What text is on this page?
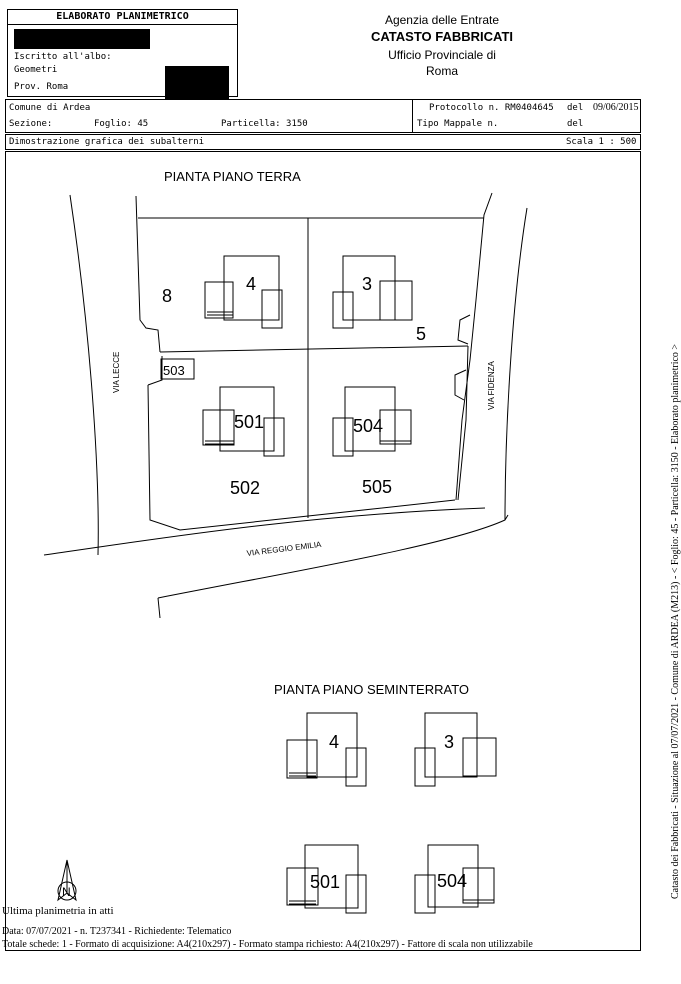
ELABORATO PLANIMETRICO
Iscritto all'albo:
Geometri
Prov. Roma
Agenzia delle Entrate
CATASTO FABBRICATI
Ufficio Provinciale di
Roma
Comune di Ardea
Sezione:	Foglio: 45	Particella: 3150
Protocollo n. RM0404645 del 09/06/2015
Tipo Mappale n.	del
Dimostrazione grafica dei subalterni	Scala 1 : 500
PIANTA PIANO TERRA
PIANTA PIANO SEMINTERRATO
8
4	3
5
503
501	504
502	505
VIA LECCE	VIA FIDENZA
VIA REGGIO EMILIA
4	3
501	504
N
Ultima planimetria in atti
Data: 07/07/2021 - n. T237341 - Richiedente: Telematico
Totale schede: 1 - Formato di acquisizione: A4(210x297) - Formato stampa richiesto: A4(210x297) - Fattore di scala non utilizzabile
Catasto dei Fabbricati - Situazione al 07/07/2021 - Comune di ARDEA (M213) - < Foglio: 45 - Particella: 3150 - Elaborato planimetrico >
